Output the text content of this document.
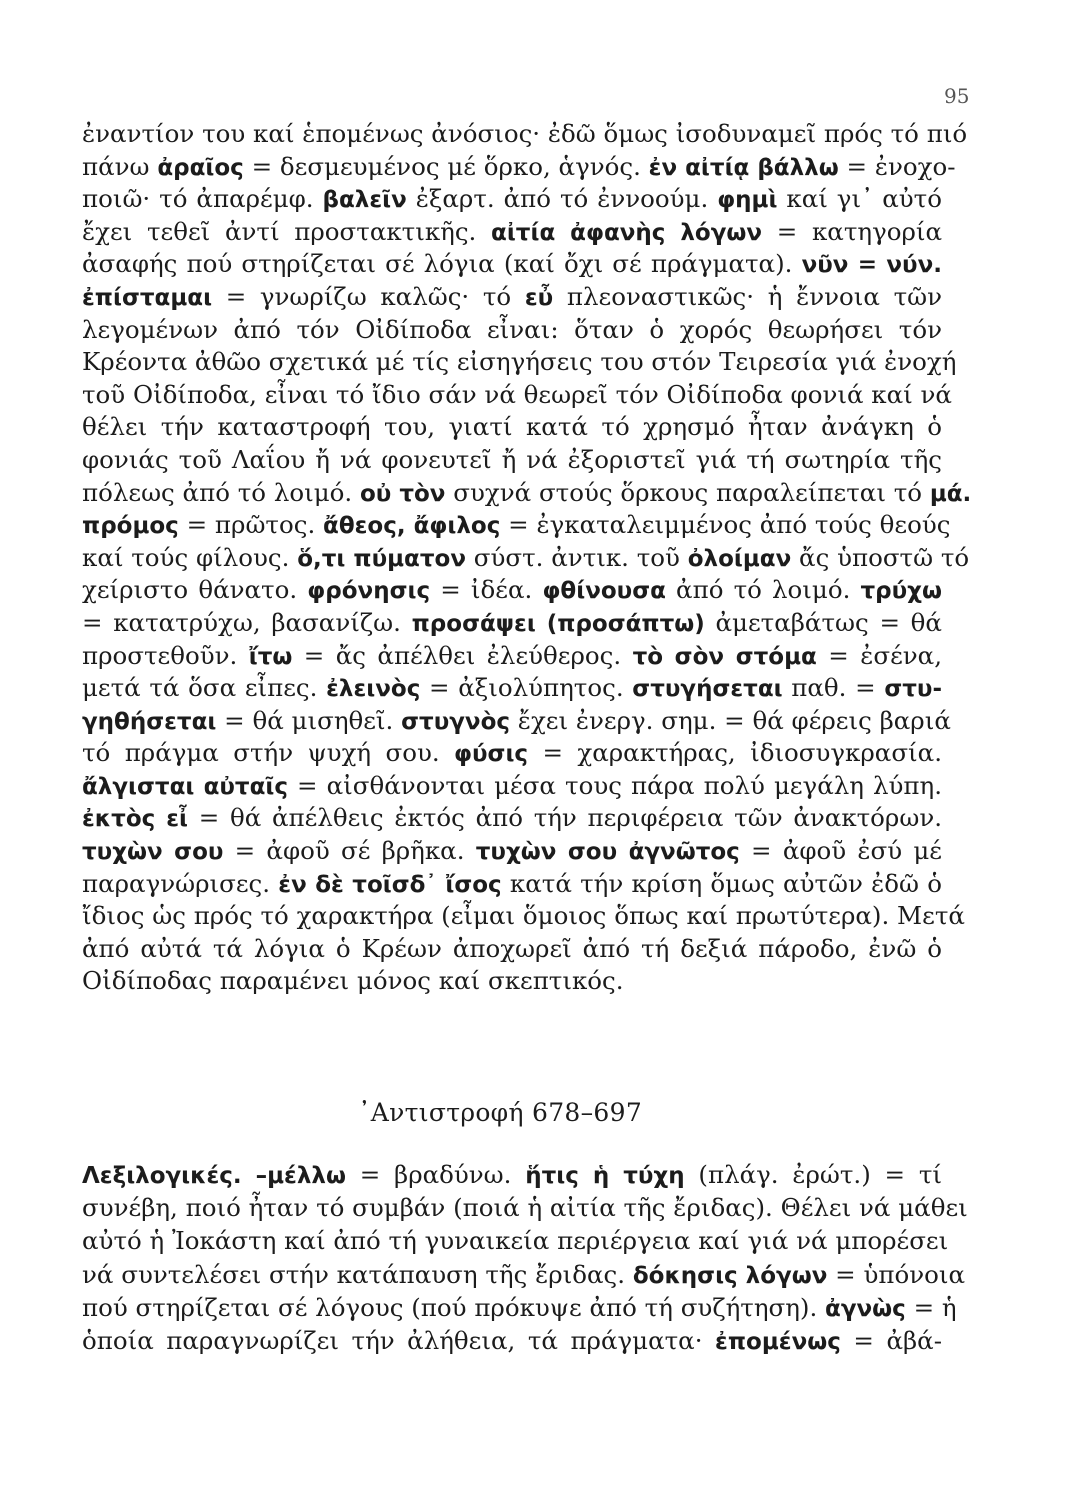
95
ἐναντίον του καί ἑπομένως ἀνόσιος· ἐδῶ ὅμως ἰσοδυναμεῖ πρός τό πιό
πάνω ἀραῖος = δεσμευμένος μέ ὅρκο, ἁγνός. ἐν αἰτίᾳ βάλλω = ἐνοχο-
ποιῶ· τό ἀπαρέμφ. βαλεῖν ἐξαρτ. ἀπό τό ἐννοούμ. φημὶ καί γι᾿ αὐτό
ἔχει τεθεῖ ἀντί προστακτικῆς. αἰτία ἀφανὴς λόγων = κατηγορία
ἀσαφής πού στηρίζεται σέ λόγια (καί ὄχι σέ πράγματα). νῦν = νύν.
ἐπίσταμαι = γνωρίζω καλῶς· τό εὖ πλεοναστικῶς· ἡ ἔννοια τῶν
λεγομένων ἀπό τόν Οἰδίποδα εἶναι: ὅταν ὁ χορός θεωρήσει τόν
Κρέοντα ἀθῶο σχετικά μέ τίς εἰσηγήσεις του στόν Τειρεσία γιά ἐνοχή
τοῦ Οἰδίποδα, εἶναι τό ἴδιο σάν νά θεωρεῖ τόν Οἰδίποδα φονιά καί νά
θέλει τήν καταστροφή του, γιατί κατά τό χρησμό ἦταν ἀνάγκη ὁ
φονιάς τοῦ Λαΐου ἤ νά φονευτεῖ ἤ νά ἐξοριστεῖ γιά τή σωτηρία τῆς
πόλεως ἀπό τό λοιμό. οὐ τὸν συχνά στούς ὅρκους παραλείπεται τό μά.
πρόμος = πρῶτος. ἄθεος, ἄφιλος = ἐγκαταλειμμένος ἀπό τούς θεούς
καί τούς φίλους. ὅ,τι πύματον σύστ. ἀντικ. τοῦ ὀλοίμαν ἄς ὑποστῶ τό
χείριστο θάνατο. φρόνησις = ἰδέα. φθίνουσα ἀπό τό λοιμό. τρύχω
= κατατρύχω, βασανίζω. προσάψει (προσάπτω) ἀμεταβάτως = θά
προστεθοῦν. ἴτω = ἄς ἀπέλθει ἐλεύθερος. τὸ σὸν στόμα = ἐσένα,
μετά τά ὅσα εἶπες. ἐλεινὸς = ἀξιολύπητος. στυγήσεται παθ. = στυ-
γηθήσεται = θά μισηθεῖ. στυγνὸς ἔχει ἐνεργ. σημ. = θά φέρεις βαριά
τό πράγμα στήν ψυχή σου. φύσις = χαρακτήρας, ἰδιοσυγκρασία.
ἄλγισται αὐταῖς = αἰσθάνονται μέσα τους πάρα πολύ μεγάλη λύπη.
ἐκτὸς εἶ = θά ἀπέλθεις ἐκτός ἀπό τήν περιφέρεια τῶν ἀνακτόρων.
τυχὼν σου = ἀφοῦ σέ βρῆκα. τυχὼν σου ἀγνῶτος = ἀφοῦ ἐσύ μέ
παραγνώρισες. ἐν δὲ τοῖσδ᾿ ἴσος κατά τήν κρίση ὅμως αὐτῶν ἐδῶ ὁ
ἴδιος ὡς πρός τό χαρακτήρα (εἶμαι ὅμοιος ὅπως καί πρωτύτερα). Μετά
ἀπό αὐτά τά λόγια ὁ Κρέων ἀποχωρεῖ ἀπό τή δεξιά πάροδο, ἐνῶ ὁ
Οἰδίποδας παραμένει μόνος καί σκεπτικός.
᾿Αντιστροφή 678–697
Λεξιλογικές. –μέλλω = βραδύνω. ἥτις ἡ τύχη (πλάγ. ἐρώτ.) = τί
συνέβη, ποιό ἦταν τό συμβάν (ποιά ἡ αἰτία τῆς ἔριδας). Θέλει νά μάθει
αὐτό ἡ Ἰοκάστη καί ἀπό τή γυναικεία περιέργεια καί γιά νά μπορέσει
νά συντελέσει στήν κατάπαυση τῆς ἔριδας. δόκησις λόγων = ὑπόνοια
πού στηρίζεται σέ λόγους (πού πρόκυψε ἀπό τή συζήτηση). ἀγνὼς = ἡ
ὁποία παραγνωρίζει τήν ἀλήθεια, τά πράγματα· ἐπομένως = ἀβά-
